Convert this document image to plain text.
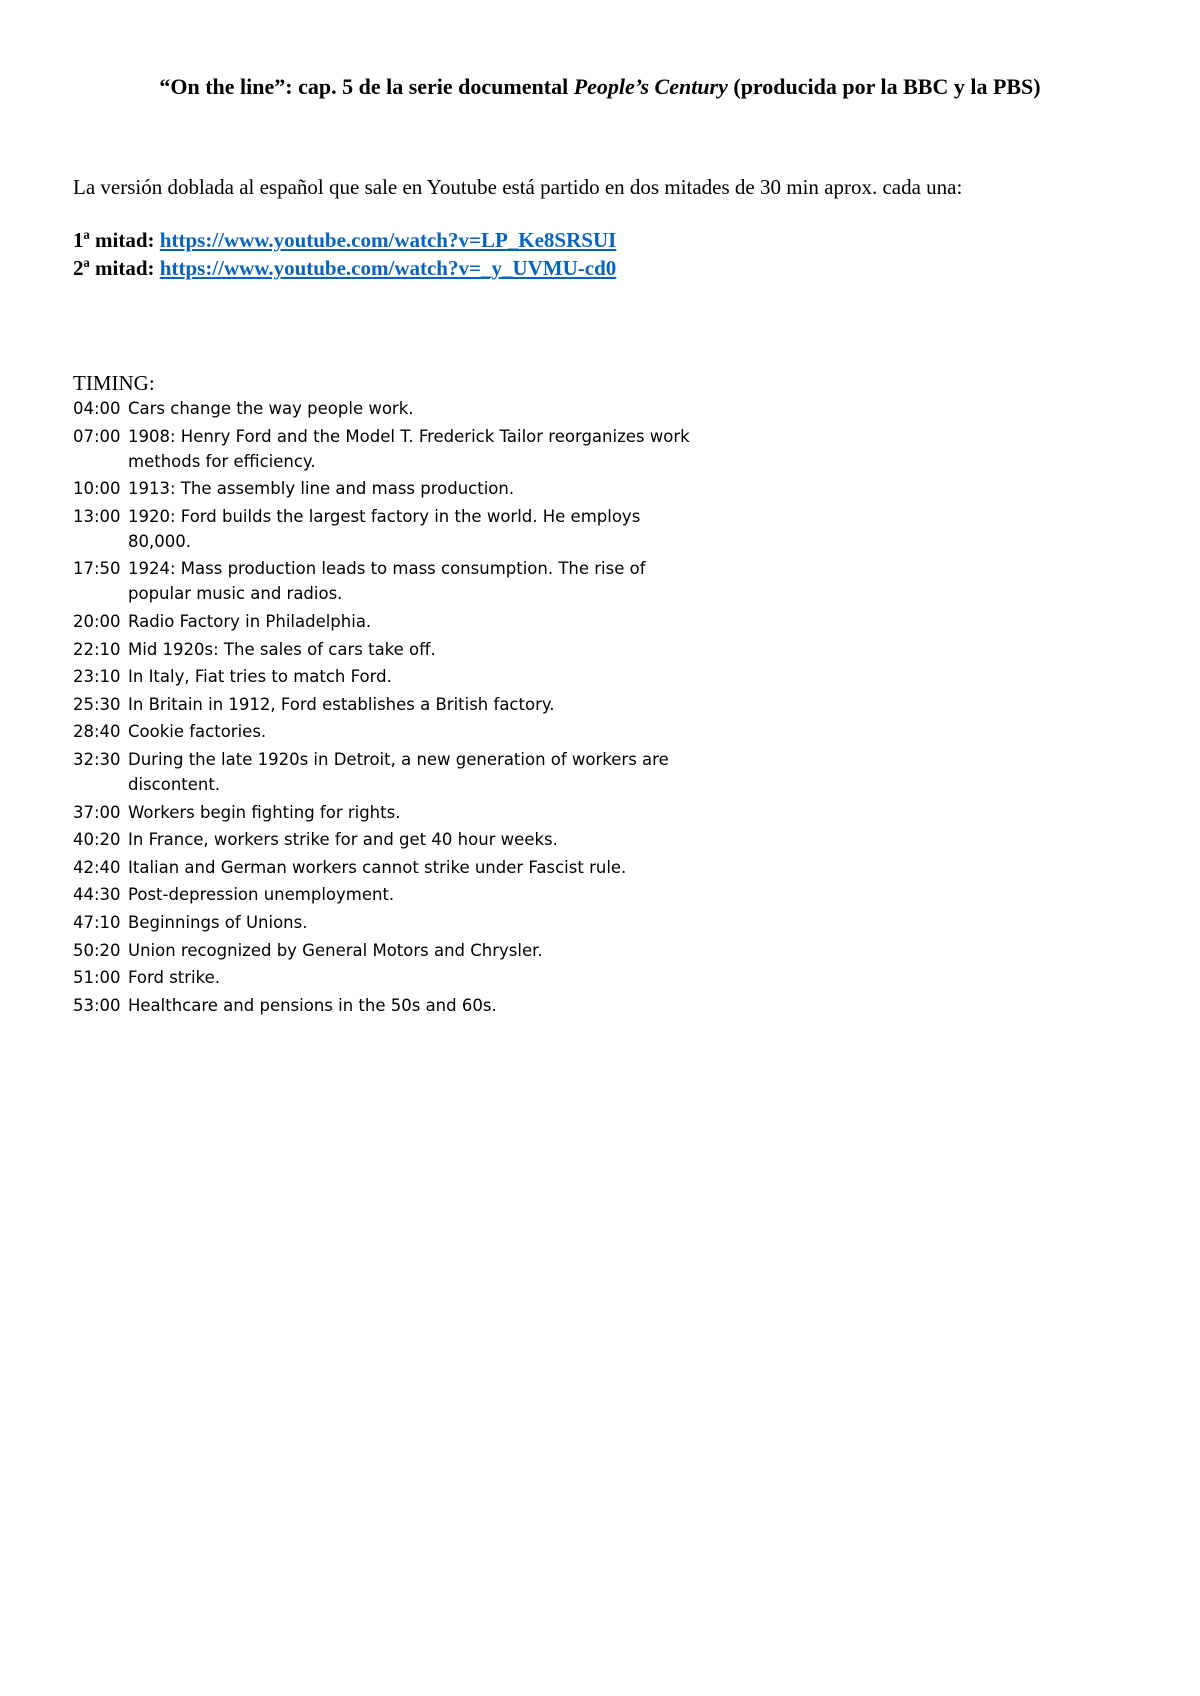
“On the line”: cap. 5 de la serie documental People’s Century (producida por la BBC y la PBS)

La versión doblada al español que sale en Youtube está partido en dos mitades de 30 min aprox. cada una:

1ª mitad: https://www.youtube.com/watch?v=LP_Ke8SRSUI
2ª mitad: https://www.youtube.com/watch?v=_y_UVMU-cd0

TIMING:

04:00 Cars change the way people work.
07:00 1908: Henry Ford and the Model T. Frederick Tailor reorganizes work methods for efficiency.
10:00 1913: The assembly line and mass production.
13:00 1920: Ford builds the largest factory in the world. He employs 80,000.
17:50 1924: Mass production leads to mass consumption. The rise of popular music and radios.
20:00 Radio Factory in Philadelphia.
22:10 Mid 1920s: The sales of cars take off.
23:10 In Italy, Fiat tries to match Ford.
25:30 In Britain in 1912, Ford establishes a British factory.
28:40 Cookie factories.
32:30 During the late 1920s in Detroit, a new generation of workers are discontent.
37:00 Workers begin fighting for rights.
40:20 In France, workers strike for and get 40 hour weeks.
42:40 Italian and German workers cannot strike under Fascist rule.
44:30 Post-depression unemployment.
47:10 Beginnings of Unions.
50:20 Union recognized by General Motors and Chrysler.
51:00 Ford strike.
53:00 Healthcare and pensions in the 50s and 60s.
